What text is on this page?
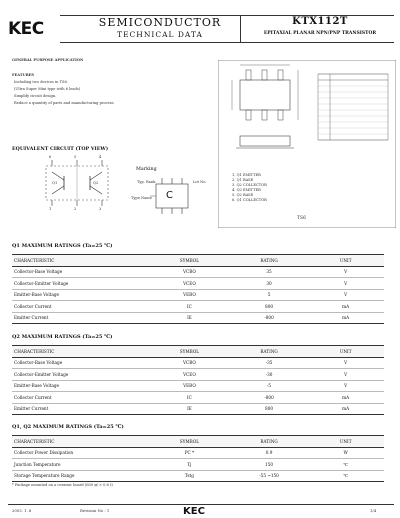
KEC	SEMICONDUCTOR
TECHNICAL DATA
KTX112T
EPITAXIAL PLANAR NPN/PNP TRANSISTOR
GENERAL PURPOSE APPLICATION
FEATURES
Including two devices in TS6.
(Ultra Super Mini type with 6 leads)
Simplify circuit design.
Reduce a quantity of parts and manufacturing process.
1. Q1 EMITTER
2. Q1 BASE
3. Q2 COLLECTOR
4. Q2 EMITTER
5. Q2 BASE
6. Q1 COLLECTOR
TS6
EQUIVALENT CIRCUIT (TOP VIEW)
6	5	4
1	2	3
Q1	Q2
Marking
Typ. Rank	Lot No.
Type Name C
Q1 MAXIMUM RATINGS (Ta=25 ℃)
CHARACTERISTIC	SYMBOL	RATING	UNIT
Collector-Base Voltage	VCBO	35	V
Collector-Emitter Voltage	VCEO	30	V
Emitter-Base Voltage	VEBO	5	V
Collector Current	IC	800	mA
Emitter Current	IE	-800	mA
Q2 MAXIMUM RATINGS (Ta=25 ℃)
CHARACTERISTIC	SYMBOL	RATING	UNIT
Collector-Base Voltage	VCBO	-35	V
Collector-Emitter Voltage	VCEO	-30	V
Emitter-Base Voltage	VEBO	-5	V
Collector Current	IC	-800	mA
Emitter Current	IE	800	mA
Q1, Q2 MAXIMUM RATINGS (Ta=25 ℃)
CHARACTERISTIC	SYMBOL	RATING	UNIT
Collector Power Dissipation	PC *	0.9	W
Junction Temperature	Tj	150	℃
Storage Temperature Range	Tstg	-55 ~150	℃
* Package mounted on a ceramic board (600 ㎟ × 0.8 t)
2003. 1. 6	Revision No : 1	KEC	1/4
